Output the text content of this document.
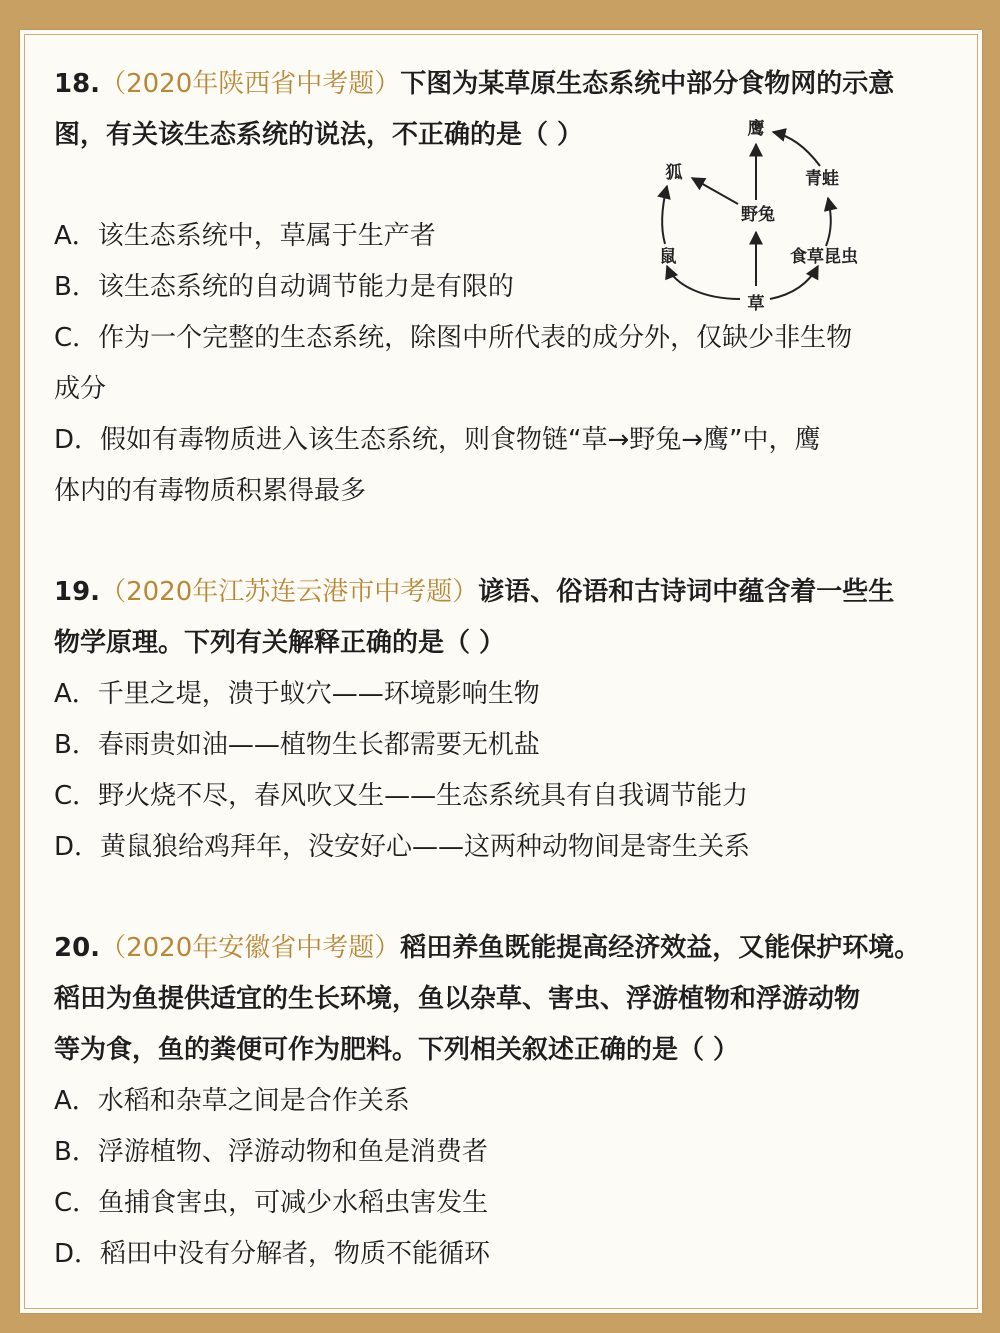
18.（2020年陕西省中考题）下图为某草原生态系统中部分食物网的示意
图，有关该生态系统的说法，不正确的是（ ）
A．该生态系统中，草属于生产者
B．该生态系统的自动调节能力是有限的
C．作为一个完整的生态系统，除图中所代表的成分外，仅缺少非生物
成分
D．假如有毒物质进入该生态系统，则食物链“草→野兔→鹰”中，鹰
体内的有毒物质积累得最多
鹰
青蛙
狐
野兔
鼠	食草昆虫
草
19.（2020年江苏连云港市中考题）谚语、俗语和古诗词中蕴含着一些生
物学原理。下列有关解释正确的是（ ）
A．千里之堤，溃于蚁穴——环境影响生物
B．春雨贵如油——植物生长都需要无机盐
C．野火烧不尽，春风吹又生——生态系统具有自我调节能力
D．黄鼠狼给鸡拜年，没安好心——这两种动物间是寄生关系
20.（2020年安徽省中考题）稻田养鱼既能提高经济效益，又能保护环境。
稻田为鱼提供适宜的生长环境，鱼以杂草、害虫、浮游植物和浮游动物
等为食，鱼的粪便可作为肥料。下列相关叙述正确的是（ ）
A．水稻和杂草之间是合作关系
B．浮游植物、浮游动物和鱼是消费者
C．鱼捕食害虫，可减少水稻虫害发生
D．稻田中没有分解者，物质不能循环
